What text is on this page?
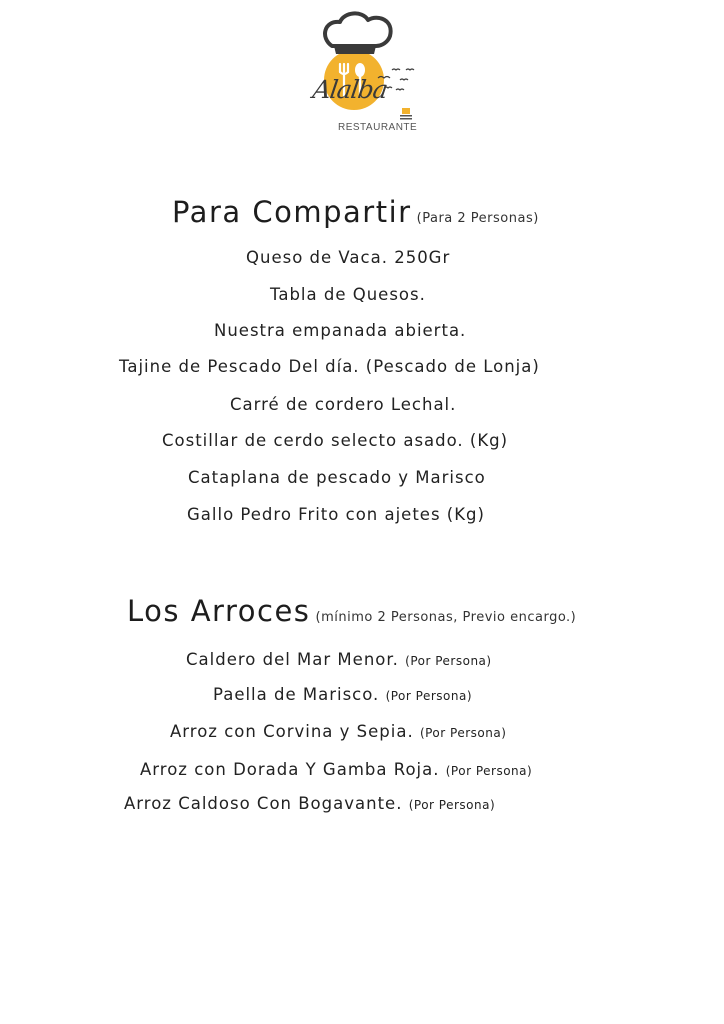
Alalba
RESTAURANTE
Para Compartir (Para 2 Personas)
Queso de Vaca. 250Gr
Tabla de Quesos.
Nuestra empanada abierta.
Tajine de Pescado Del día. (Pescado de Lonja)
Carré de cordero Lechal.
Costillar de cerdo selecto asado. (Kg)
Cataplana de pescado y Marisco
Gallo Pedro Frito con ajetes (Kg)
Los Arroces (mínimo 2 Personas, Previo encargo.)
Caldero del Mar Menor. (Por Persona)
Paella de Marisco. (Por Persona)
Arroz con Corvina y Sepia. (Por Persona)
Arroz con Dorada Y Gamba Roja. (Por Persona)
Arroz Caldoso Con Bogavante. (Por Persona)
